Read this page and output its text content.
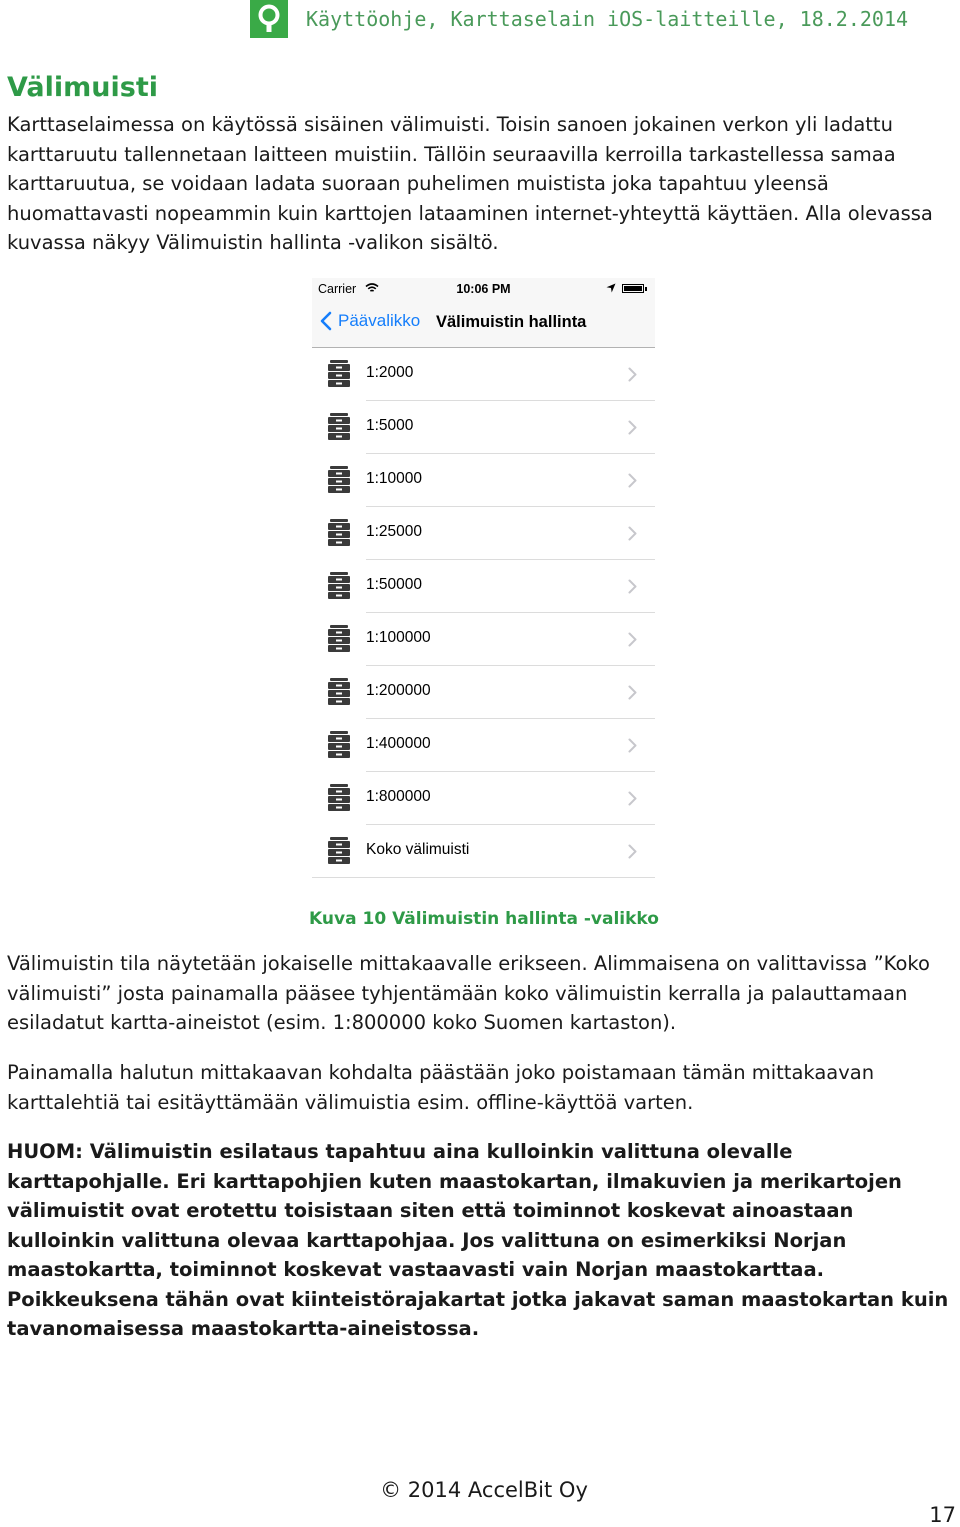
Käyttöohje, Karttaselain iOS-laitteille, 18.2.2014
Välimuisti

Karttaselaimessa on käytössä sisäinen välimuisti. Toisin sanoen jokainen verkon yli ladattu karttaruutu tallennetaan laitteen muistiin. Tällöin seuraavilla kerroilla tarkastellessa samaa karttaruutua, se voidaan ladata suoraan puhelimen muistista joka tapahtuu yleensä huomattavasti nopeammin kuin karttojen lataaminen internet-yhteyttä käyttäen. Alla olevassa kuvassa näkyy Välimuistin hallinta -valikon sisältö.

Carrier	10:06 PM
Päävalikko Välimuistin hallinta
1:2000
1:5000
1:10000
1:25000
1:50000
1:100000
1:200000
1:400000
1:800000
Koko välimuisti

Kuva 10 Välimuistin hallinta -valikko

Välimuistin tila näytetään jokaiselle mittakaavalle erikseen. Alimmaisena on valittavissa ”Koko välimuisti” josta painamalla pääsee tyhjentämään koko välimuistin kerralla ja palauttamaan esiladatut kartta-aineistot (esim. 1:800000 koko Suomen kartaston).

Painamalla halutun mittakaavan kohdalta päästään joko poistamaan tämän mittakaavan karttalehtiä tai esitäyttämään välimuistia esim. offline-käyttöä varten.

HUOM: Välimuistin esilataus tapahtuu aina kulloinkin valittuna olevalle karttapohjalle. Eri karttapohjien kuten maastokartan, ilmakuvien ja merikartojen välimuistit ovat erotettu toisistaan siten että toiminnot koskevat ainoastaan kulloinkin valittuna olevaa karttapohjaa. Jos valittuna on esimerkiksi Norjan maastokartta, toiminnot koskevat vastaavasti vain Norjan maastokarttaa. Poikkeuksena tähän ovat kiinteistörajakartat jotka jakavat saman maastokartan kuin tavanomaisessa maastokartta-aineistossa.

© 2014 AccelBit Oy
17
